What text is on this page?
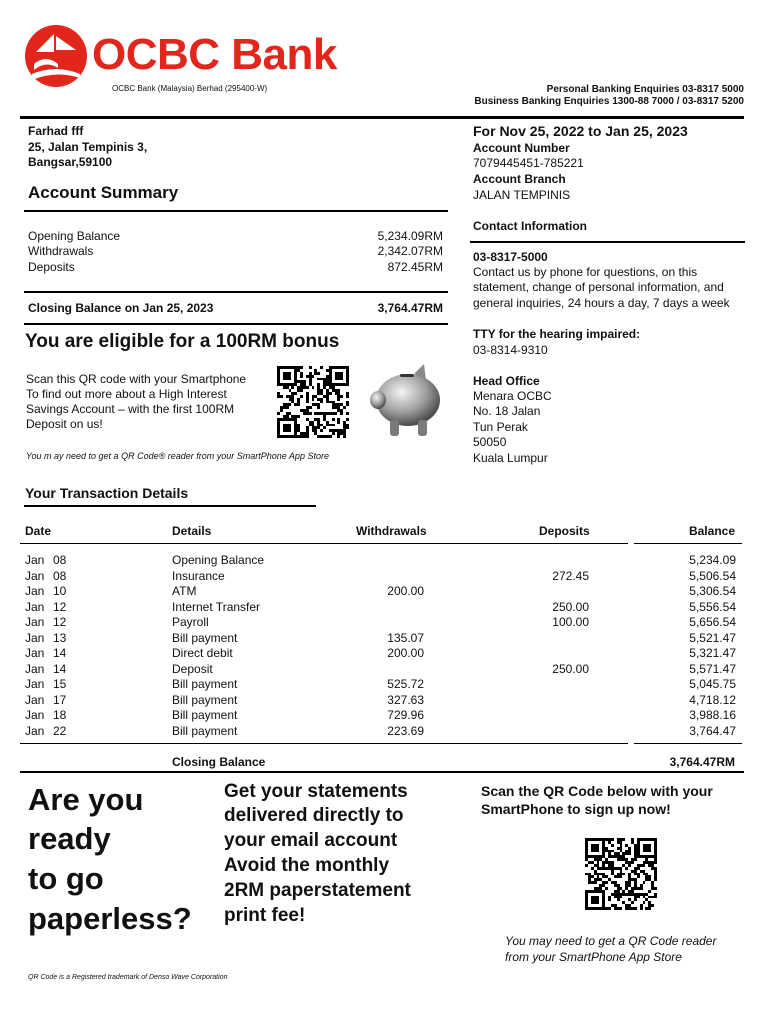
OCBC Bank
OCBC Bank (Malaysia) Berhad (295400-W)	Personal Banking Enquiries 03-8317 5000
Business Banking Enquiries 1300-88 7000 / 03-8317 5200
Farhad fff
25, Jalan Tempinis 3,
Bangsar,59100
Account Summary
Opening Balance	5,234.09RM
Withdrawals	2,342.07RM
Deposits	872.45RM
Closing Balance on Jan 25, 2023	3,764.47RM
You are eligible for a 100RM bonus
Scan this QR code with your Smartphone
To find out more about a High Interest
Savings Account – with the first 100RM
Deposit on us!
You m ay need to get a QR Code® reader from your SmartPhone App Store
For Nov 25, 2022 to Jan 25, 2023
Account Number
7079445451-785221
Account Branch
JALAN TEMPINIS
Contact Information
03-8317-5000
Contact us by phone for questions, on this
statement, change of personal information, and
general inquiries, 24 hours a day, 7 days a week
TTY for the hearing impaired:
03-8314-9310
Head Office
Menara OCBC
No. 18 Jalan
Tun Perak
50050
Kuala Lumpur
Your Transaction Details
Date	Details	Withdrawals	Deposits	Balance
Jan	08	Opening Balance			5,234.09
Jan	08	Insurance		272.45	5,506.54
Jan	10	ATM	200.00		5,306.54
Jan	12	Internet Transfer		250.00	5,556.54
Jan	12	Payroll		100.00	5,656.54
Jan	13	Bill payment	135.07		5,521.47
Jan	14	Direct debit	200.00		5,321.47
Jan	14	Deposit		250.00	5,571.47
Jan	15	Bill payment	525.72		5,045.75
Jan	17	Bill payment	327.63		4,718.12
Jan	18	Bill payment	729.96		3,988.16
Jan	22	Bill payment	223.69		3,764.47
Closing Balance	3,764.47RM
Are you
ready
to go
paperless?
Get your statements
delivered directly to
your email account
Avoid the monthly
2RM paperstatement
print fee!
Scan the QR Code below with your
SmartPhone to sign up now!
You may need to get a QR Code reader
from your SmartPhone App Store
QR Code is a Registered trademark of Denso Wave Corporation
